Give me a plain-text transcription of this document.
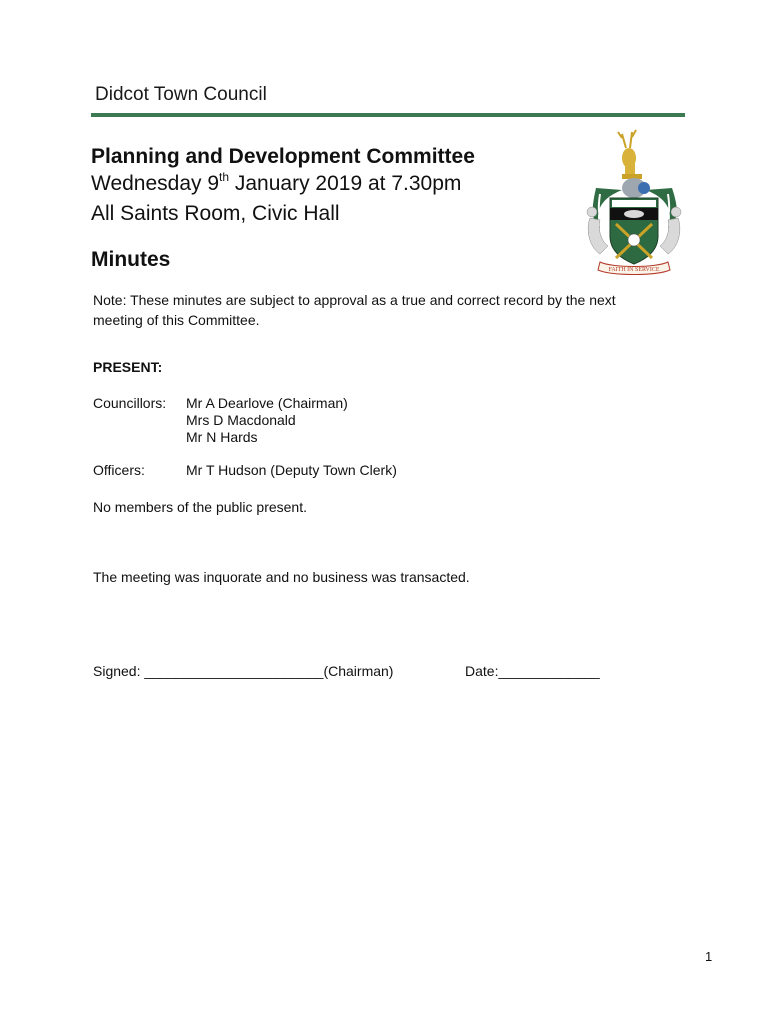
Didcot Town Council
Planning and Development Committee
Wednesday 9th January 2019 at 7.30pm
All Saints Room, Civic Hall
FAITH IN SERVICE
Minutes
Note: These minutes are subject to approval as a true and correct record by the next meeting of this Committee.
PRESENT:
Councillors: Mr A Dearlove (Chairman)
Mrs D Macdonald
Mr N Hards
Officers:	Mr T Hudson (Deputy Town Clerk)
No members of the public present.
The meeting was inquorate and no business was transacted.
Signed: _______________________(Chairman)	Date:_____________
1
